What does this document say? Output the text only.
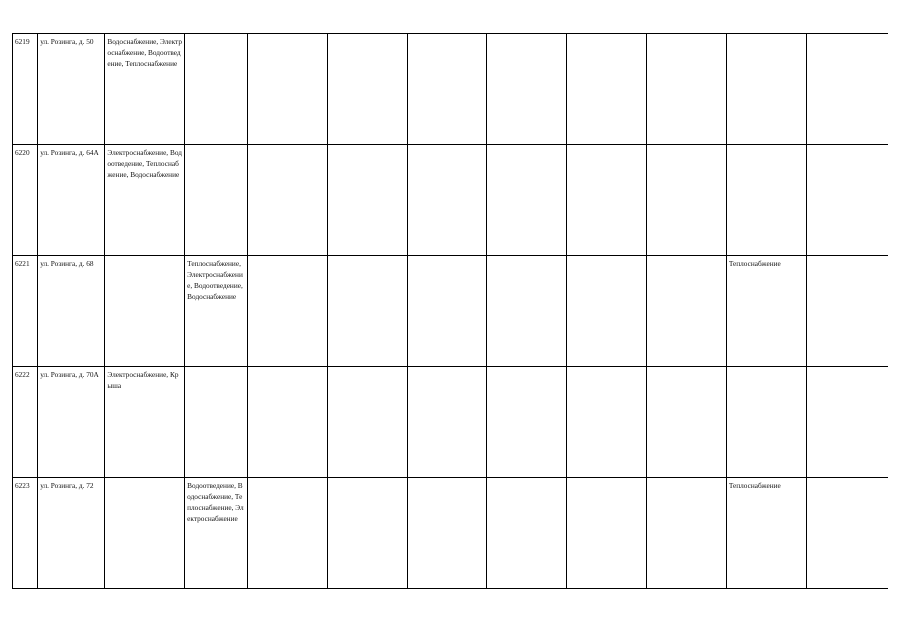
6219	ул. Розинга, д. 50	Водоснабжение, Электроснабжение, Водоотведение, Теплоснабжение									
6220	ул. Розинга, д. 64А	Электроснабжение, Водоотведение, Теплоснабжение, Водоснабжение									
6221	ул. Розинга, д. 68		Теплоснабжение, Электроснабжение, Водоотведение, Водоснабжение							Теплоснабжение	
6222	ул. Розинга, д. 70А	Электроснабжение, Крыша									
6223	ул. Розинга, д. 72		Водоотведение, Водоснабжение, Теплоснабжение, Электроснабжение							Теплоснабжение	
